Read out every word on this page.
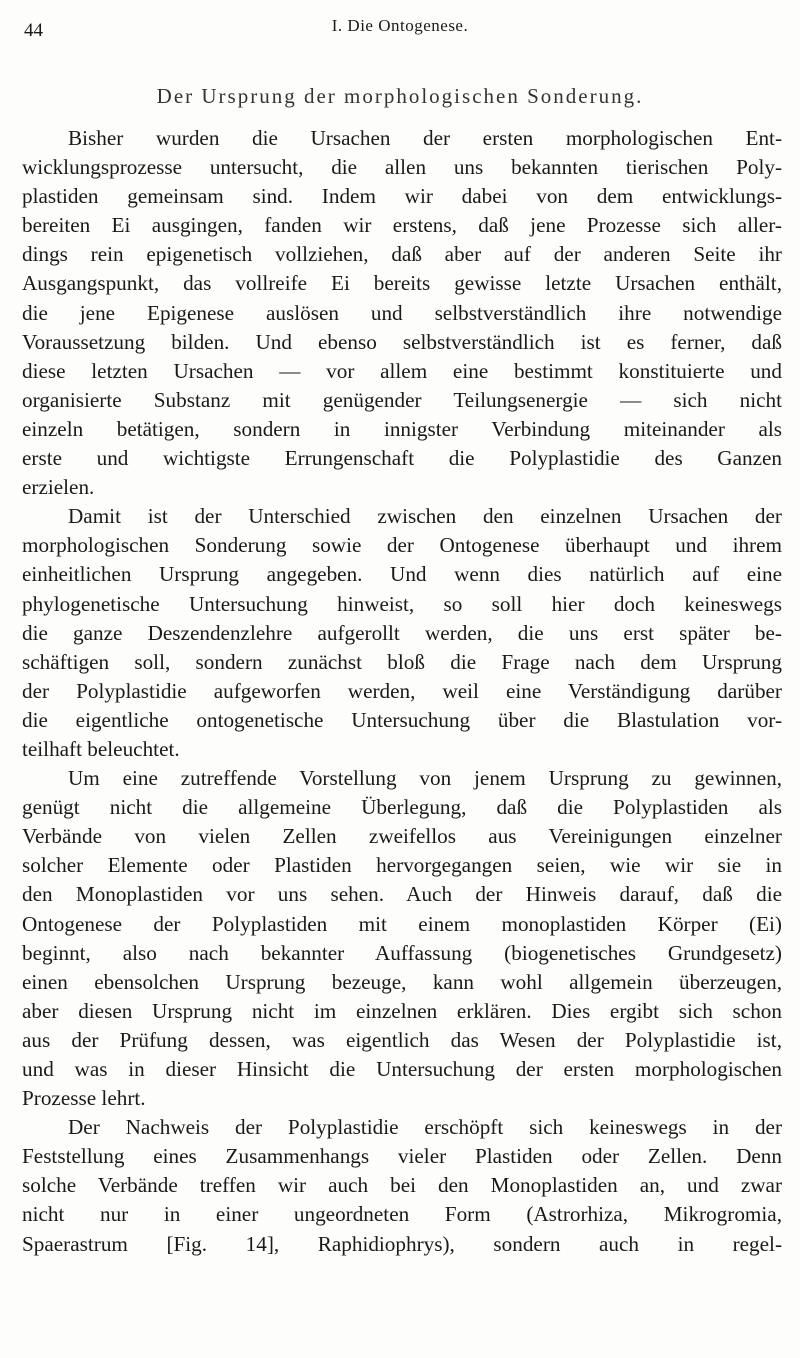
44	I. Die Ontogenese.
Der Ursprung der morphologischen Sonderung.

Bisher wurden die Ursachen der ersten morphologischen Ent-
wicklungsprozesse untersucht, die allen uns bekannten tierischen Poly-
plastiden gemeinsam sind. Indem wir dabei von dem entwicklungs-
bereiten Ei ausgingen, fanden wir erstens, daß jene Prozesse sich aller-
dings rein epigenetisch vollziehen, daß aber auf der anderen Seite ihr
Ausgangspunkt, das vollreife Ei bereits gewisse letzte Ursachen enthält,
die jene Epigenese auslösen und selbstverständlich ihre notwendige
Voraussetzung bilden. Und ebenso selbstverständlich ist es ferner, daß
diese letzten Ursachen — vor allem eine bestimmt konstituierte und
organisierte Substanz mit genügender Teilungsenergie — sich nicht
einzeln betätigen, sondern in innigster Verbindung miteinander als
erste und wichtigste Errungenschaft die Polyplastidie des Ganzen
erzielen.

Damit ist der Unterschied zwischen den einzelnen Ursachen der
morphologischen Sonderung sowie der Ontogenese überhaupt und ihrem
einheitlichen Ursprung angegeben. Und wenn dies natürlich auf eine
phylogenetische Untersuchung hinweist, so soll hier doch keineswegs
die ganze Deszendenzlehre aufgerollt werden, die uns erst später be-
schäftigen soll, sondern zunächst bloß die Frage nach dem Ursprung
der Polyplastidie aufgeworfen werden, weil eine Verständigung darüber
die eigentliche ontogenetische Untersuchung über die Blastulation vor-
teilhaft beleuchtet.

Um eine zutreffende Vorstellung von jenem Ursprung zu gewinnen,
genügt nicht die allgemeine Überlegung, daß die Polyplastiden als
Verbände von vielen Zellen zweifellos aus Vereinigungen einzelner
solcher Elemente oder Plastiden hervorgegangen seien, wie wir sie in
den Monoplastiden vor uns sehen. Auch der Hinweis darauf, daß die
Ontogenese der Polyplastiden mit einem monoplastiden Körper (Ei)
beginnt, also nach bekannter Auffassung (biogenetisches Grundgesetz)
einen ebensolchen Ursprung bezeuge, kann wohl allgemein überzeugen,
aber diesen Ursprung nicht im einzelnen erklären. Dies ergibt sich schon
aus der Prüfung dessen, was eigentlich das Wesen der Polyplastidie ist,
und was in dieser Hinsicht die Untersuchung der ersten morphologischen
Prozesse lehrt.

Der Nachweis der Polyplastidie erschöpft sich keineswegs in der
Feststellung eines Zusammenhangs vieler Plastiden oder Zellen. Denn
solche Verbände treffen wir auch bei den Monoplastiden an, und zwar
nicht nur in einer ungeordneten Form (Astrorhiza, Mikrogromia,
Spaerastrum [Fig. 14], Raphidiophrys), sondern auch in regel-
